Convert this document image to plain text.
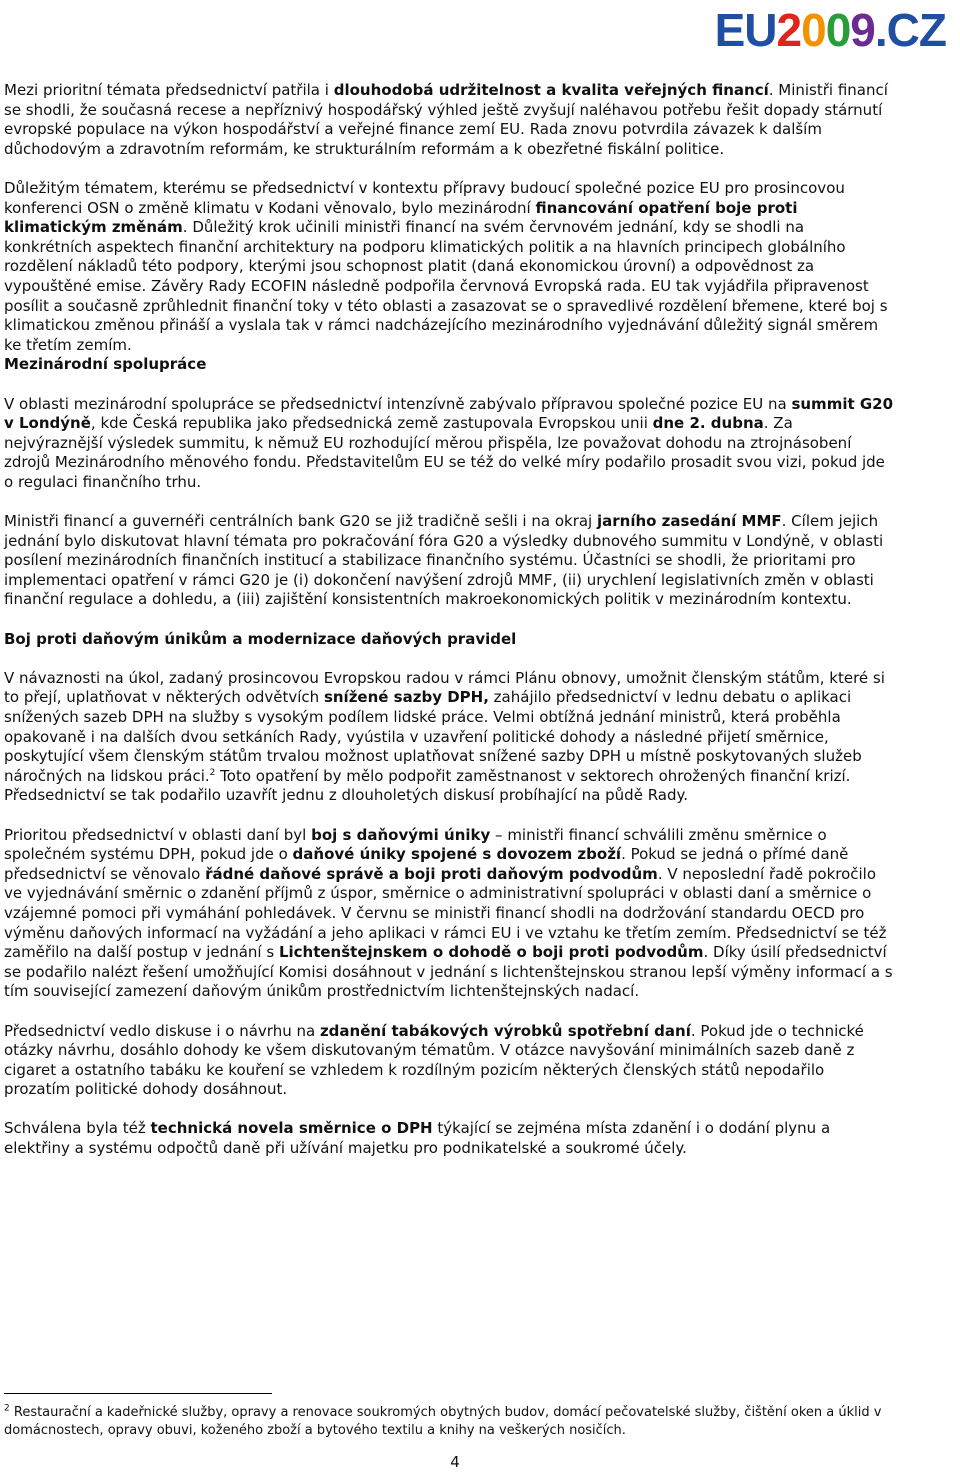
EU2009.CZ

Mezi prioritní témata předsednictví patřila i dlouhodobá udržitelnost a kvalita veřejných financí. Ministři financí se shodli, že současná recese a nepříznivý hospodářský výhled ještě zvyšují naléhavou potřebu řešit dopady stárnutí evropské populace na výkon hospodářství a veřejné finance zemí EU. Rada znovu potvrdila závazek k dalším důchodovým a zdravotním reformám, ke strukturálním reformám a k obezřetné fiskální politice.

Důležitým tématem, kterému se předsednictví v kontextu přípravy budoucí společné pozice EU pro prosincovou konferenci OSN o změně klimatu v Kodani věnovalo, bylo mezinárodní financování opatření boje proti klimatickým změnám. Důležitý krok učinili ministři financí na svém červnovém jednání, kdy se shodli na konkrétních aspektech finanční architektury na podporu klimatických politik a na hlavních principech globálního rozdělení nákladů této podpory, kterými jsou schopnost platit (daná ekonomickou úrovní) a odpovědnost za vypouštěné emise. Závěry Rady ECOFIN následně podpořila červnová Evropská rada. EU tak vyjádřila připravenost posílit a současně zprůhlednit finanční toky v této oblasti a zasazovat se o spravedlivé rozdělení břemene, které boj s klimatickou změnou přináší a vyslala tak v rámci nadcházejícího mezinárodního vyjednávání důležitý signál směrem ke třetím zemím.

Mezinárodní spolupráce

V oblasti mezinárodní spolupráce se předsednictví intenzívně zabývalo přípravou společné pozice EU na summit G20 v Londýně, kde Česká republika jako předsednická země zastupovala Evropskou unii dne 2. dubna. Za nejvýraznější výsledek summitu, k němuž EU rozhodující měrou přispěla, lze považovat dohodu na ztrojnásobení zdrojů Mezinárodního měnového fondu. Představitelům EU se též do velké míry podařilo prosadit svou vizi, pokud jde o regulaci finančního trhu.

Ministři financí a guvernéři centrálních bank G20 se již tradičně sešli i na okraj jarního zasedání MMF. Cílem jejich jednání bylo diskutovat hlavní témata pro pokračování fóra G20 a výsledky dubnového summitu v Londýně, v oblasti posílení mezinárodních finančních institucí a stabilizace finančního systému. Účastníci se shodli, že prioritami pro implementaci opatření v rámci G20 je (i) dokončení navýšení zdrojů MMF, (ii) urychlení legislativních změn v oblasti finanční regulace a dohledu, a (iii) zajištění konsistentních makroekonomických politik v mezinárodním kontextu.

Boj proti daňovým únikům a modernizace daňových pravidel

V návaznosti na úkol, zadaný prosincovou Evropskou radou v rámci Plánu obnovy, umožnit členským státům, které si to přejí, uplatňovat v některých odvětvích snížené sazby DPH, zahájilo předsednictví v lednu debatu o aplikaci snížených sazeb DPH na služby s vysokým podílem lidské práce. Velmi obtížná jednání ministrů, která proběhla opakovaně i na dalších dvou setkáních Rady, vyústila v uzavření politické dohody a následné přijetí směrnice, poskytující všem členským státům trvalou možnost uplatňovat snížené sazby DPH u místně poskytovaných služeb náročných na lidskou práci.$^2$ Toto opatření by mělo podpořit zaměstnanost v sektorech ohrožených finanční krizí. Předsednictví se tak podařilo uzavřít jednu z dlouholetých diskusí probíhající na půdě Rady.

Prioritou předsednictví v oblasti daní byl boj s daňovými úniky – ministři financí schválili změnu směrnice o společném systému DPH, pokud jde o daňové úniky spojené s dovozem zboží. Pokud se jedná o přímé daně předsednictví se věnovalo řádné daňové správě a boji proti daňovým podvodům. V neposlední řadě pokročilo ve vyjednávání směrnic o zdanění příjmů z úspor, směrnice o administrativní spolupráci v oblasti daní a směrnice o vzájemné pomoci při vymáhání pohledávek. V červnu se ministři financí shodli na dodržování standardu OECD pro výměnu daňových informací na vyžádání a jeho aplikaci v rámci EU i ve vztahu ke třetím zemím. Předsednictví se též zaměřilo na další postup v jednání s Lichtenštejnskem o dohodě o boji proti podvodům. Díky úsilí předsednictví se podařilo nalézt řešení umožňující Komisi dosáhnout v jednání s lichtenštejnskou stranou lepší výměny informací a s tím související zamezení daňovým únikům prostřednictvím lichtenštejnských nadací.

Předsednictví vedlo diskuse i o návrhu na zdanění tabákových výrobků spotřební daní. Pokud jde o technické otázky návrhu, dosáhlo dohody ke všem diskutovaným tématům. V otázce navyšování minimálních sazeb daně z cigaret a ostatního tabáku ke kouření se vzhledem k rozdílným pozicím některých členských států nepodařilo prozatím politické dohody dosáhnout.

Schválena byla též technická novela směrnice o DPH týkající se zejména místa zdanění i o dodání plynu a elektřiny a systému odpočtů daně při užívání majetku pro podnikatelské a soukromé účely.

$^2$ Restaurační a kadeřnické služby, opravy a renovace soukromých obytných budov, domácí pečovatelské služby, čištění oken a úklid v domácnostech, opravy obuvi, koženého zboží a bytového textilu a knihy na veškerých nosičích.
4
